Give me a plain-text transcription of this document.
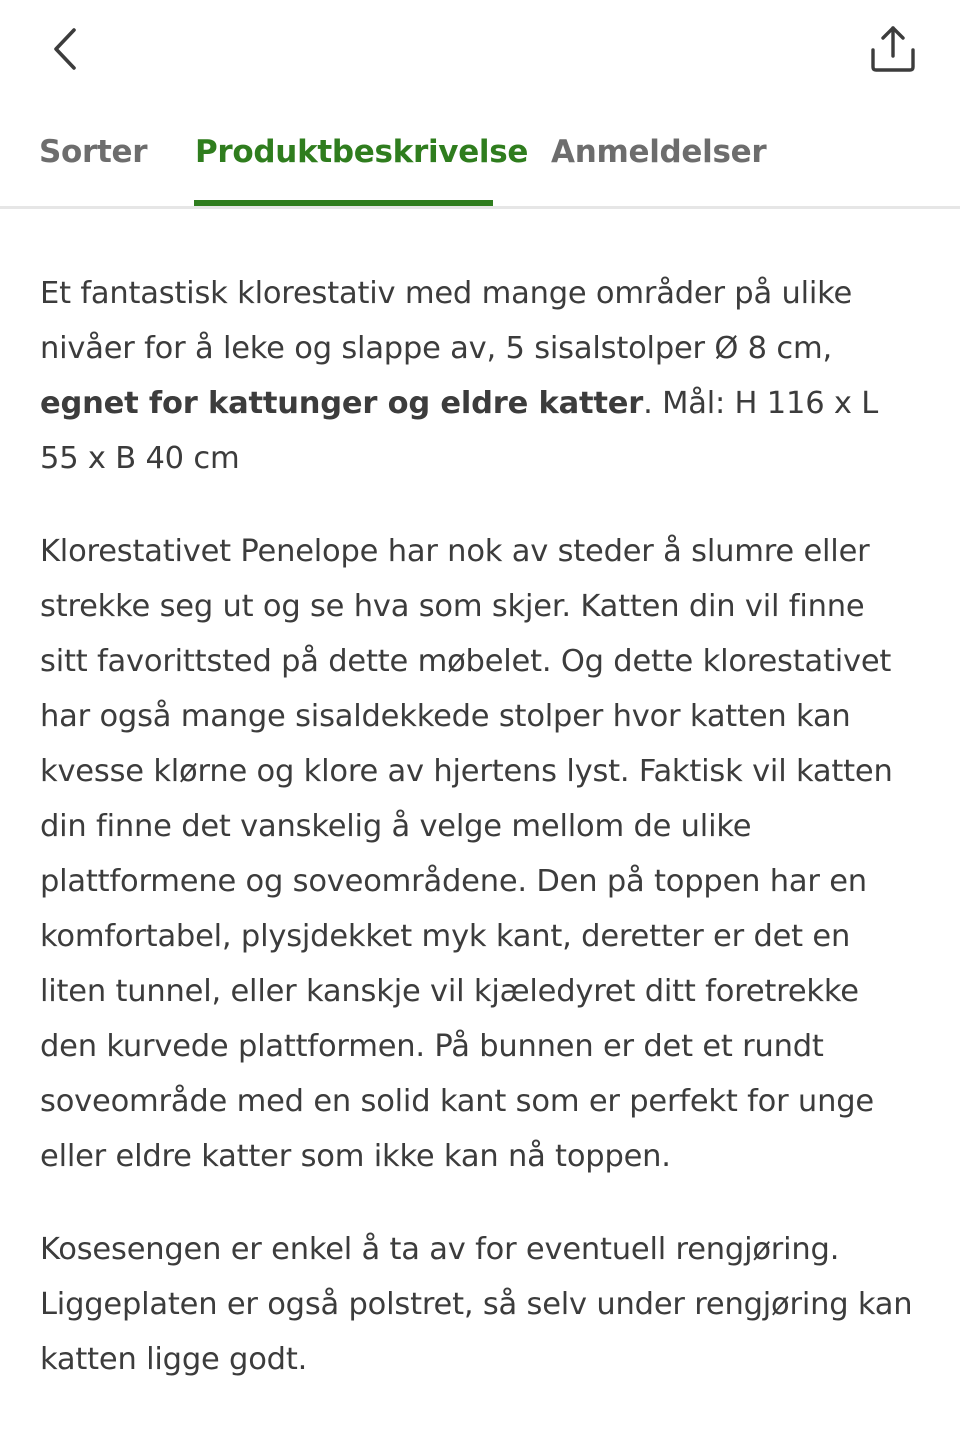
Sorter Produktbeskrivelse Anmeldelser

Et fantastisk klorestativ med mange områder på ulike nivåer for å leke og slappe av, 5 sisalstolper Ø 8 cm, egnet for kattunger og eldre katter. Mål: H 116 x L 55 x B 40 cm

Klorestativet Penelope har nok av steder å slumre eller strekke seg ut og se hva som skjer. Katten din vil finne sitt favorittsted på dette møbelet. Og dette klorestativet har også mange sisaldekkede stolper hvor katten kan kvesse klørne og klore av hjertens lyst. Faktisk vil katten din finne det vanskelig å velge mellom de ulike plattformene og soveområdene. Den på toppen har en komfortabel, plysjdekket myk kant, deretter er det en liten tunnel, eller kanskje vil kjæledyret ditt foretrekke den kurvede plattformen. På bunnen er det et rundt soveområde med en solid kant som er perfekt for unge eller eldre katter som ikke kan nå toppen.

Kosesengen er enkel å ta av for eventuell rengjøring. Liggeplaten er også polstret, så selv under rengjøring kan katten ligge godt.
